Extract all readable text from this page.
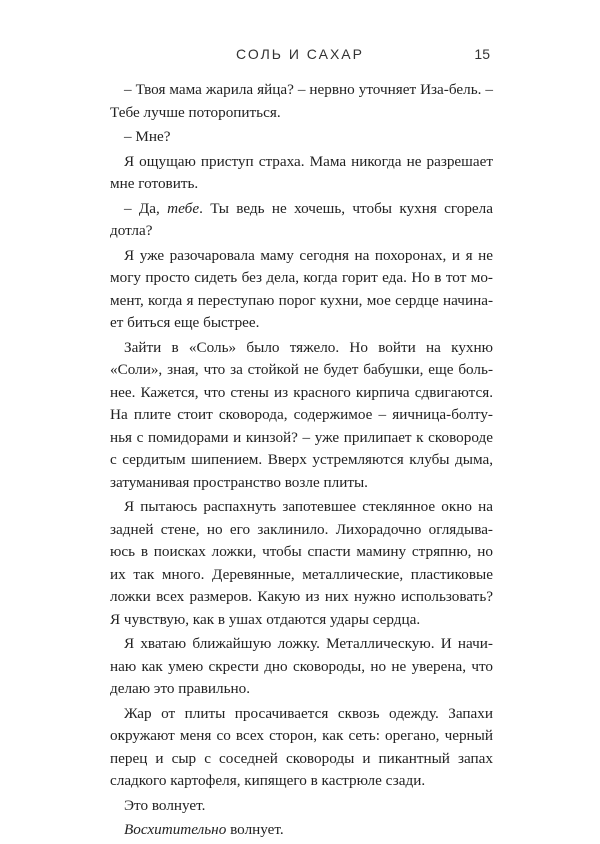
СОЛЬ И САХАР	15

– Твоя мама жарила яйца? – нервно уточняет Иза-бель. – Тебе лучше поторопиться.

– Мне?

Я ощущаю приступ страха. Мама никогда не разрешает мне готовить.

– Да, тебе. Ты ведь не хочешь, чтобы кухня сгорела дотла?

Я уже разочаровала маму сегодня на похоронах, и я не могу просто сидеть без дела, когда горит еда. Но в тот мо-мент, когда я переступаю порог кухни, мое сердце начина-ет биться еще быстрее.

Зайти в «Соль» было тяжело. Но войти на кухню «Соли», зная, что за стойкой не будет бабушки, еще боль-нее. Кажется, что стены из красного кирпича сдвигаются. На плите стоит сковорода, содержимое – яичница-болту-нья с помидорами и кинзой? – уже прилипает к сковороде с сердитым шипением. Вверх устремляются клубы дыма, затуманивая пространство возле плиты.

Я пытаюсь распахнуть запотевшее стеклянное окно на задней стене, но его заклинило. Лихорадочно оглядыва-юсь в поисках ложки, чтобы спасти мамину стряпню, но их так много. Деревянные, металлические, пластиковые ложки всех размеров. Какую из них нужно использовать? Я чувствую, как в ушах отдаются удары сердца.

Я хватаю ближайшую ложку. Металлическую. И начи-наю как умею скрести дно сковороды, но не уверена, что делаю это правильно.

Жар от плиты просачивается сквозь одежду. Запахи окружают меня со всех сторон, как сеть: орегано, черный перец и сыр с соседней сковороды и пикантный запах сладкого картофеля, кипящего в кастрюле сзади.

Это волнует.

Восхитительно волнует.
